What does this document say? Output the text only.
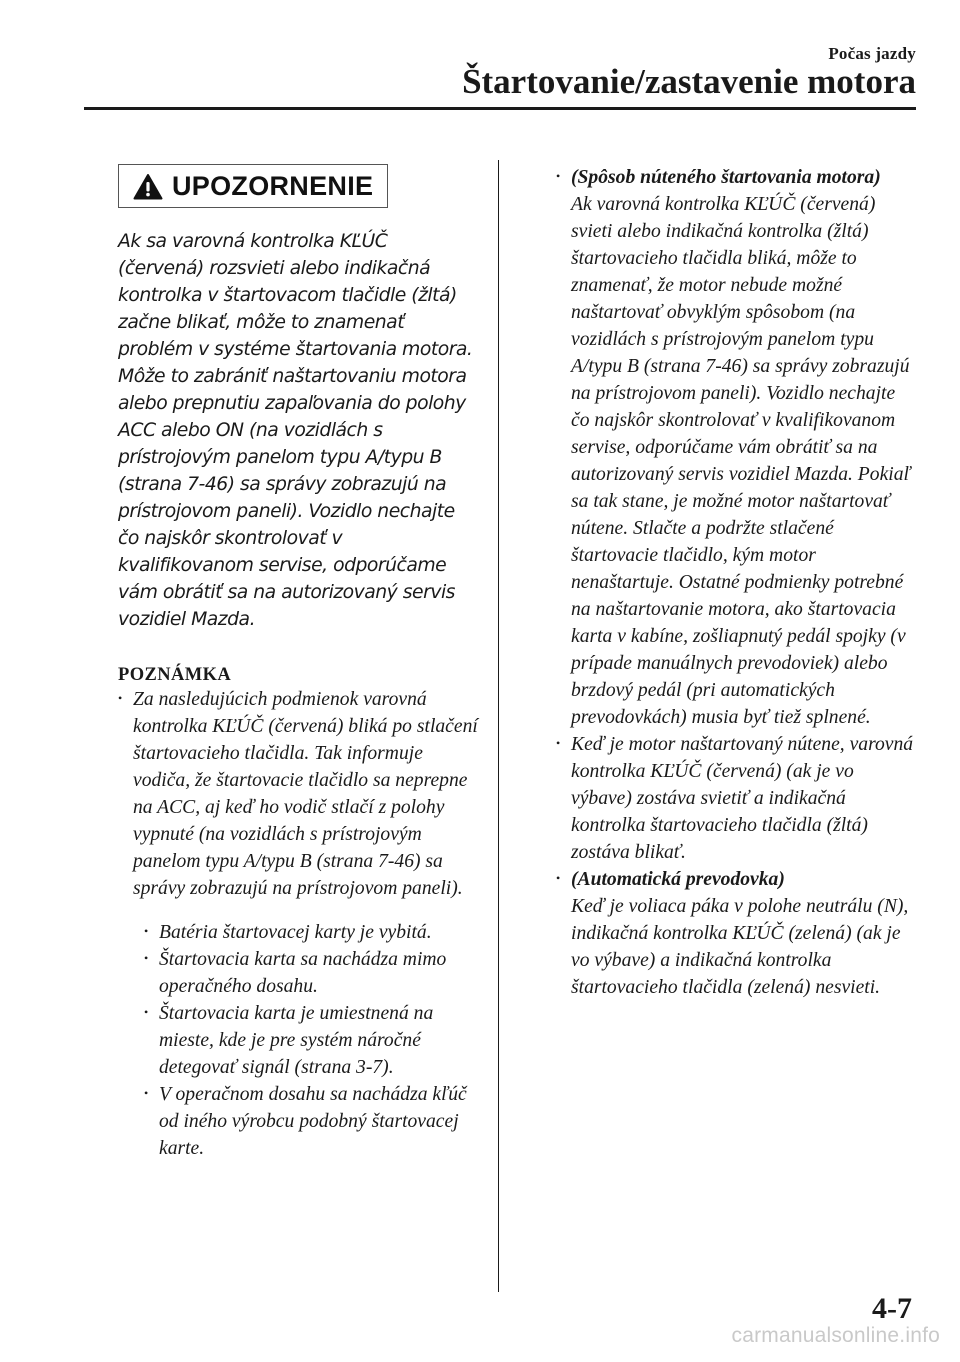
Počas jazdy
Štartovanie/zastavenie motora
UPOZORNENIE
Ak sa varovná kontrolka KĽÚČ (červená) rozsvieti alebo indikačná kontrolka v štartovacom tlačidle (žltá) začne blikať, môže to znamenať problém v systéme štartovania motora. Môže to zabrániť naštartovaniu motora alebo prepnutiu zapaľovania do polohy ACC alebo ON (na vozidlách s prístrojovým panelom typu A/typu B (strana 7-46) sa správy zobrazujú na prístrojovom paneli). Vozidlo nechajte čo najskôr skontrolovať v kvalifikovanom servise, odporúčame vám obrátiť sa na autorizovaný servis vozidiel Mazda.
POZNÁMKA
• Za nasledujúcich podmienok varovná kontrolka KĽÚČ (červená) bliká po stlačení štartovacieho tlačidla. Tak informuje vodiča, že štartovacie tlačidlo sa neprepne na ACC, aj keď ho vodič stlačí z polohy vypnuté (na vozidlách s prístrojovým panelom typu A/typu B (strana 7-46) sa správy zobrazujú na prístrojovom paneli).
• Batéria štartovacej karty je vybitá.
• Štartovacia karta sa nachádza mimo operačného dosahu.
• Štartovacia karta je umiestnená na mieste, kde je pre systém náročné detegovať signál (strana 3-7).
• V operačnom dosahu sa nachádza kľúč od iného výrobcu podobný štartovacej karte.
• (Spôsob núteného štartovania motora)
Ak varovná kontrolka KĽÚČ (červená) svieti alebo indikačná kontrolka (žltá) štartovacieho tlačidla bliká, môže to znamenať, že motor nebude možné naštartovať obvyklým spôsobom (na vozidlách s prístrojovým panelom typu A/typu B (strana 7-46) sa správy zobrazujú na prístrojovom paneli). Vozidlo nechajte čo najskôr skontrolovať v kvalifikovanom servise, odporúčame vám obrátiť sa na autorizovaný servis vozidiel Mazda. Pokiaľ sa tak stane, je možné motor naštartovať nútene. Stlačte a podržte stlačené štartovacie tlačidlo, kým motor nenaštartuje. Ostatné podmienky potrebné na naštartovanie motora, ako štartovacia karta v kabíne, zošliapnutý pedál spojky (v prípade manuálnych prevodoviek) alebo brzdový pedál (pri automatických prevodovkách) musia byť tiež splnené.
• Keď je motor naštartovaný nútene, varovná kontrolka KĽÚČ (červená) (ak je vo výbave) zostáva svietiť a indikačná kontrolka štartovacieho tlačidla (žltá) zostáva blikať.
• (Automatická prevodovka)
Keď je voliaca páka v polohe neutrálu (N), indikačná kontrolka KĽÚČ (zelená) (ak je vo výbave) a indikačná kontrolka štartovacieho tlačidla (zelená) nesvieti.
4-7
carmanualsonline.info
